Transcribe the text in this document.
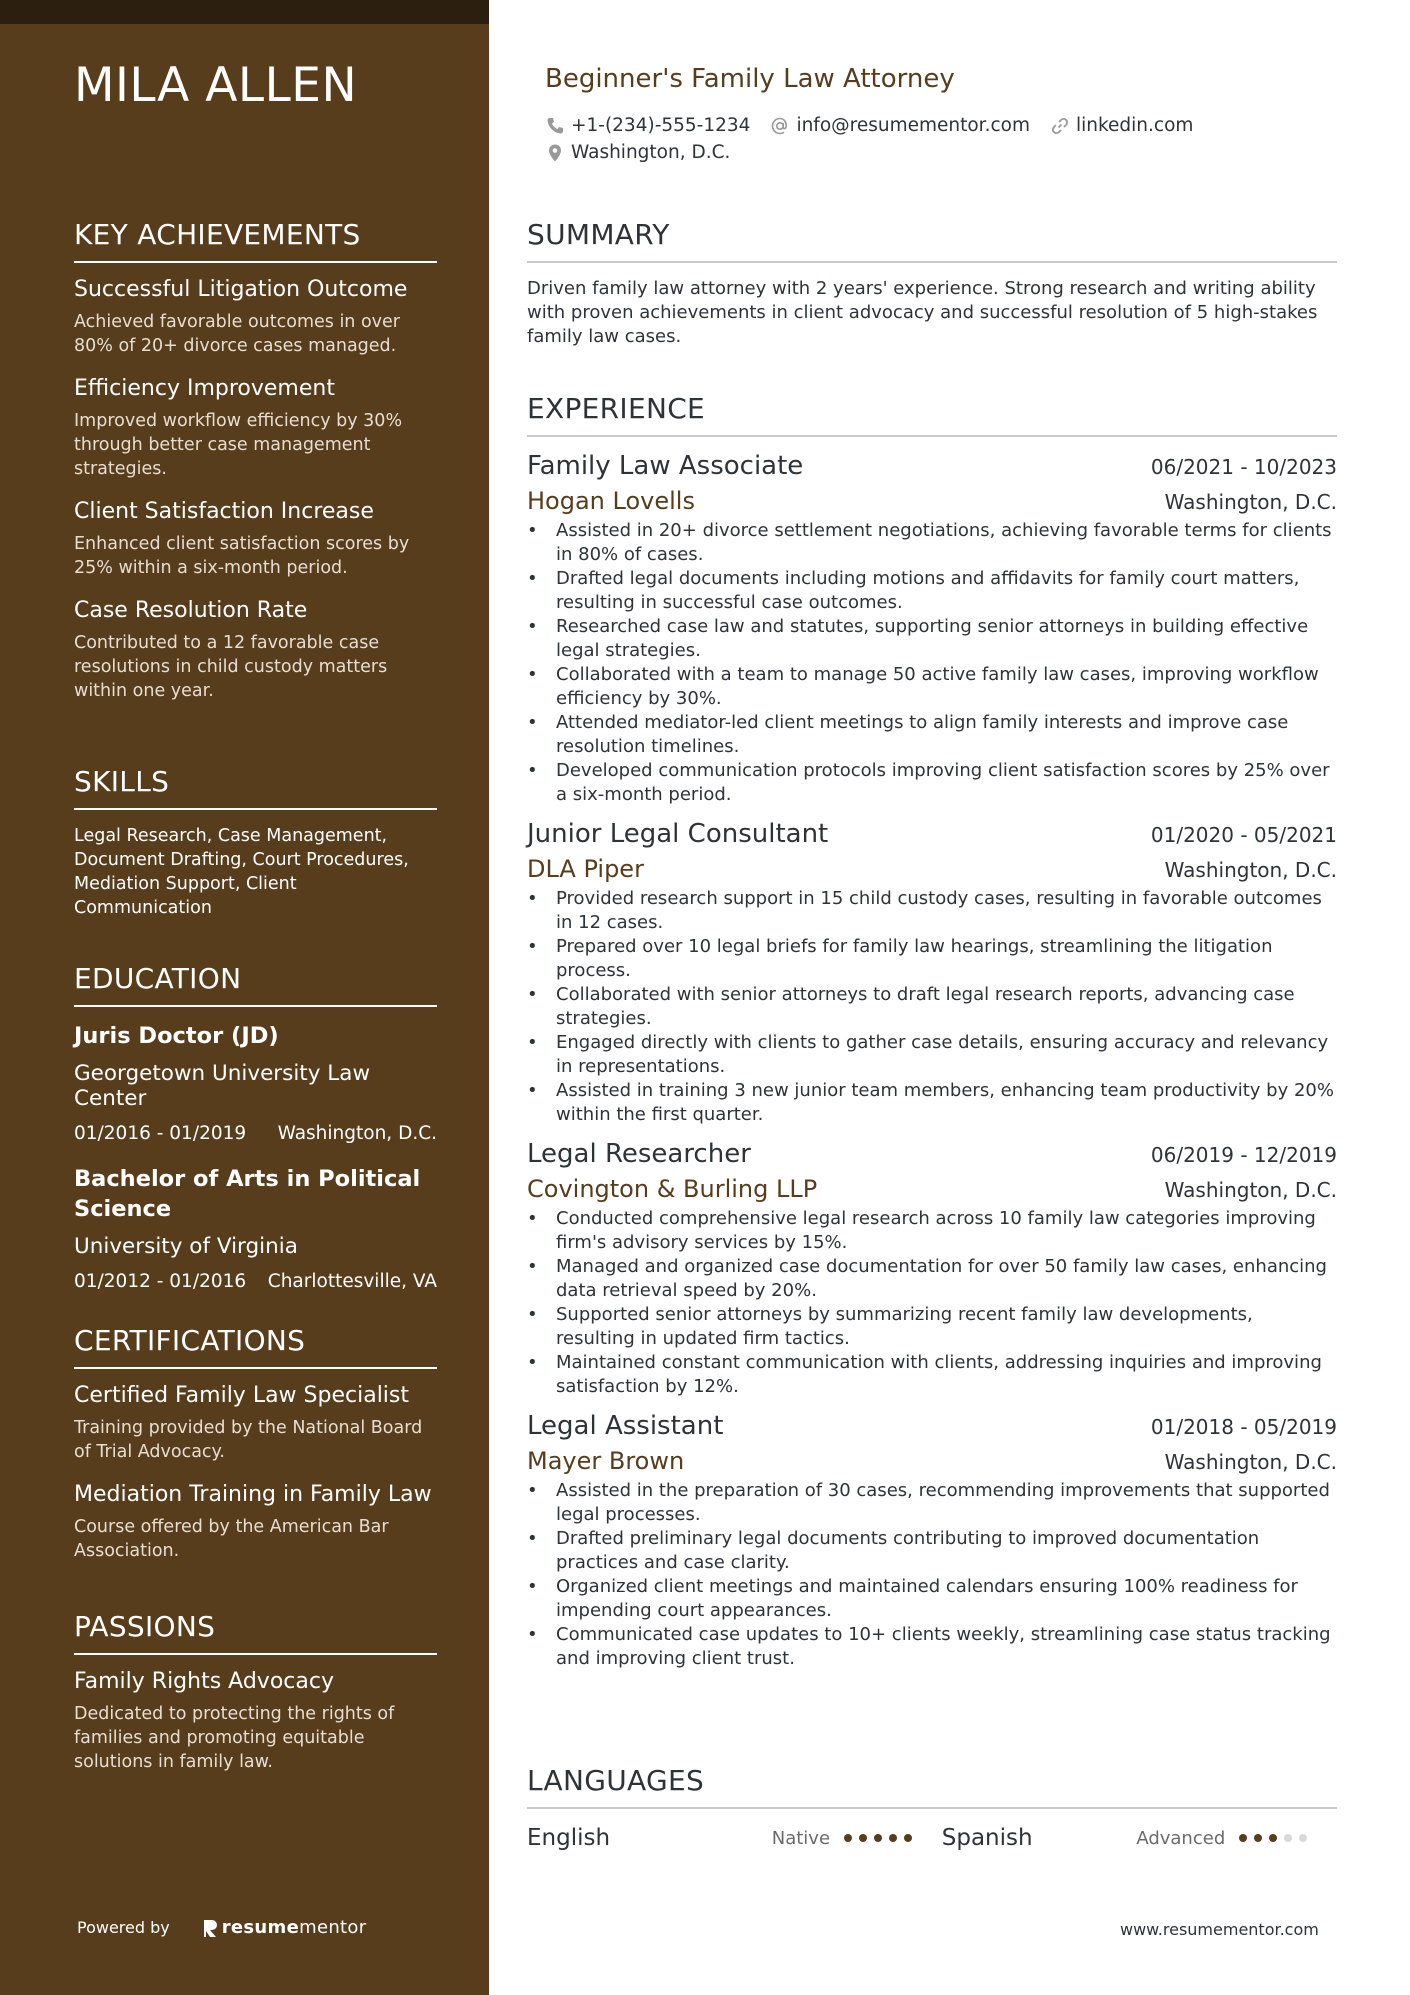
MILA ALLEN
KEY ACHIEVEMENTS
Successful Litigation Outcome
Achieved favorable outcomes in over 80% of 20+ divorce cases managed.
Efficiency Improvement
Improved workflow efficiency by 30% through better case management strategies.
Client Satisfaction Increase
Enhanced client satisfaction scores by 25% within a six-month period.
Case Resolution Rate
Contributed to a 12 favorable case resolutions in child custody matters within one year.
SKILLS
Legal Research, Case Management, Document Drafting, Court Procedures, Mediation Support, Client Communication
EDUCATION
Juris Doctor (JD)
Georgetown University Law Center
01/2016 - 01/2019 Washington, D.C.
Bachelor of Arts in Political Science
University of Virginia
01/2012 - 01/2016 Charlottesville, VA
CERTIFICATIONS
Certified Family Law Specialist
Training provided by the National Board of Trial Advocacy.
Mediation Training in Family Law
Course offered by the American Bar Association.
PASSIONS
Family Rights Advocacy
Dedicated to protecting the rights of families and promoting equitable solutions in family law.
Powered by	resume mentor
Beginner's Family Law Attorney
+1-(234)-555-1234 info@resumementor.com linkedin.com
Washington, D.C.
SUMMARY
Driven family law attorney with 2 years' experience. Strong research and writing ability with proven achievements in client advocacy and successful resolution of 5 high-stakes family law cases.
EXPERIENCE
Family Law Associate	06/2021 - 10/2023
Hogan Lovells	Washington, D.C.
• Assisted in 20+ divorce settlement negotiations, achieving favorable terms for clients in 80% of cases.
• Drafted legal documents including motions and affidavits for family court matters, resulting in successful case outcomes.
• Researched case law and statutes, supporting senior attorneys in building effective legal strategies.
• Collaborated with a team to manage 50 active family law cases, improving workflow efficiency by 30%.
• Attended mediator-led client meetings to align family interests and improve case resolution timelines.
• Developed communication protocols improving client satisfaction scores by 25% over a six-month period.
Junior Legal Consultant	01/2020 - 05/2021
DLA Piper	Washington, D.C.
• Provided research support in 15 child custody cases, resulting in favorable outcomes in 12 cases.
• Prepared over 10 legal briefs for family law hearings, streamlining the litigation process.
• Collaborated with senior attorneys to draft legal research reports, advancing case strategies.
• Engaged directly with clients to gather case details, ensuring accuracy and relevancy in representations.
• Assisted in training 3 new junior team members, enhancing team productivity by 20% within the first quarter.
Legal Researcher	06/2019 - 12/2019
Covington & Burling LLP	Washington, D.C.
• Conducted comprehensive legal research across 10 family law categories improving firm's advisory services by 15%.
• Managed and organized case documentation for over 50 family law cases, enhancing data retrieval speed by 20%.
• Supported senior attorneys by summarizing recent family law developments, resulting in updated firm tactics.
• Maintained constant communication with clients, addressing inquiries and improving satisfaction by 12%.
Legal Assistant	01/2018 - 05/2019
Mayer Brown	Washington, D.C.
• Assisted in the preparation of 30 cases, recommending improvements that supported legal processes.
• Drafted preliminary legal documents contributing to improved documentation practices and case clarity.
• Organized client meetings and maintained calendars ensuring 100% readiness for impending court appearances.
• Communicated case updates to 10+ clients weekly, streamlining case status tracking and improving client trust.
LANGUAGES
English	Native	Spanish	Advanced
www.resumementor.com
